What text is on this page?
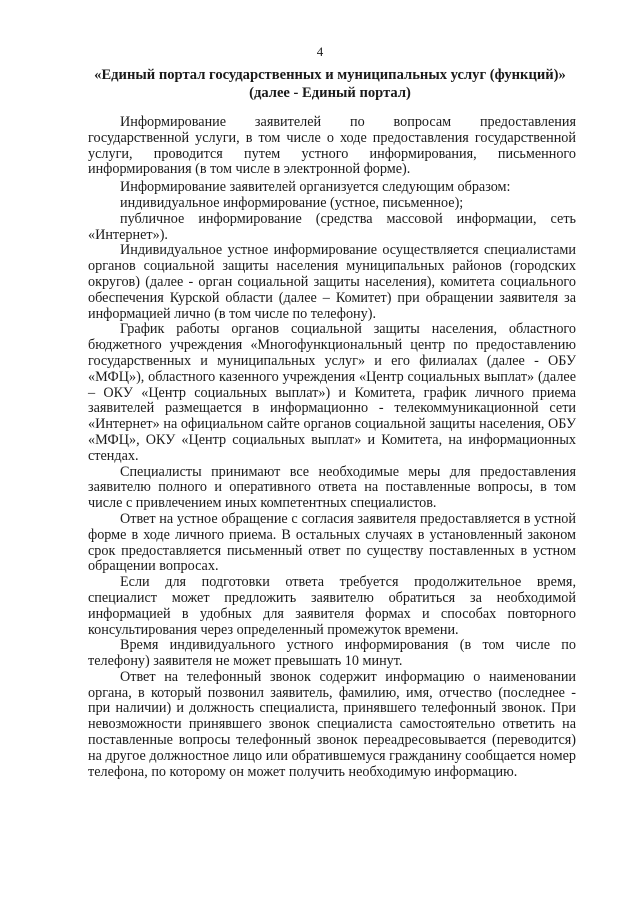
4
«Единый портал государственных и муниципальных услуг (функций)» (далее - Единый портал)

Информирование заявителей по вопросам предоставления государственной услуги, в том числе о ходе предоставления государственной услуги, проводится путем устного информирования, письменного информирования (в том числе в электронной форме).

Информирование заявителей организуется следующим образом:

индивидуальное информирование (устное, письменное);

публичное информирование (средства массовой информации, сеть «Интернет»).

Индивидуальное устное информирование осуществляется специалистами органов социальной защиты населения муниципальных районов (городских округов) (далее - орган социальной защиты населения), комитета социального обеспечения Курской области (далее – Комитет) при обращении заявителя за информацией лично (в том числе по телефону).

График работы органов социальной защиты населения, областного бюджетного учреждения «Многофункциональный центр по предоставлению государственных и муниципальных услуг» и его филиалах (далее - ОБУ «МФЦ»), областного казенного учреждения «Центр социальных выплат» (далее – ОКУ «Центр социальных выплат») и Комитета, график личного приема заявителей размещается в информационно - телекоммуникационной сети «Интернет» на официальном сайте органов социальной защиты населения, ОБУ «МФЦ», ОКУ «Центр социальных выплат» и Комитета, на информационных стендах.

Специалисты принимают все необходимые меры для предоставления заявителю полного и оперативного ответа на поставленные вопросы, в том числе с привлечением иных компетентных специалистов.

Ответ на устное обращение с согласия заявителя предоставляется в устной форме в ходе личного приема. В остальных случаях в установленный законом срок предоставляется письменный ответ по существу поставленных в устном обращении вопросах.

Если для подготовки ответа требуется продолжительное время, специалист может предложить заявителю обратиться за необходимой информацией в удобных для заявителя формах и способах повторного консультирования через определенный промежуток времени.

Время индивидуального устного информирования (в том числе по телефону) заявителя не может превышать 10 минут.

Ответ на телефонный звонок содержит информацию о наименовании органа, в который позвонил заявитель, фамилию, имя, отчество (последнее - при наличии) и должность специалиста, принявшего телефонный звонок. При невозможности принявшего звонок специалиста самостоятельно ответить на поставленные вопросы телефонный звонок переадресовывается (переводится) на другое должностное лицо или обратившемуся гражданину сообщается номер телефона, по которому он может получить необходимую информацию.
